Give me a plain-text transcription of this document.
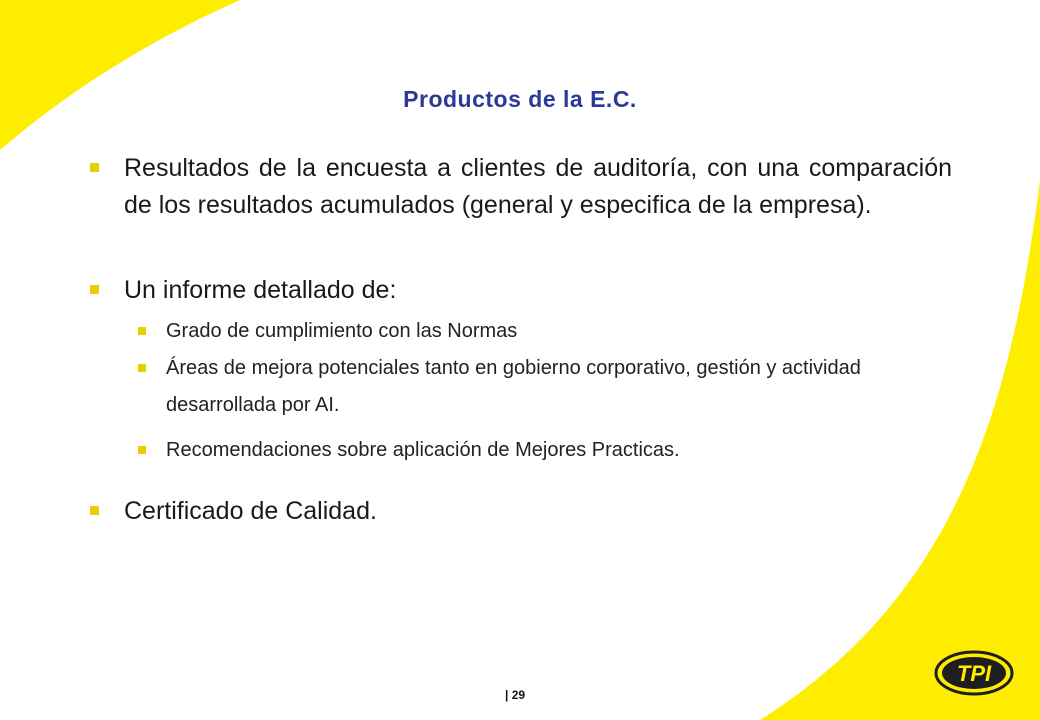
Productos de la E.C.
Resultados de la encuesta a clientes de auditoría, con una comparación de los resultados acumulados (general y especifica de la empresa).
Un informe detallado de:
Grado de cumplimiento con las Normas
Áreas de mejora potenciales tanto en gobierno corporativo, gestión y actividad desarrollada por AI.
Recomendaciones sobre aplicación de Mejores Practicas.
Certificado de Calidad.
| 29
TPI
